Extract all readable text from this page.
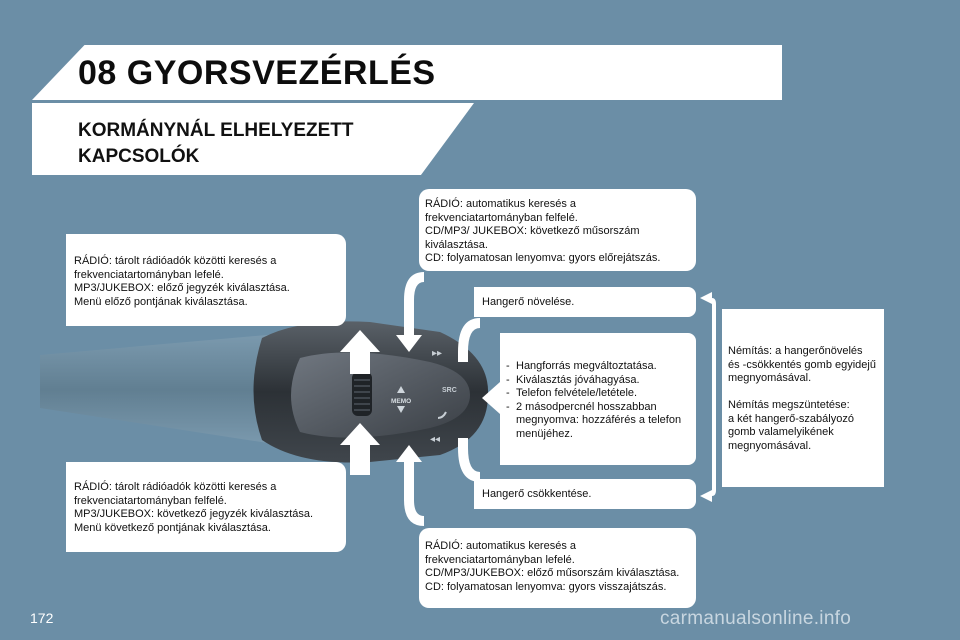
08 GYORSVEZÉRLÉS
KORMÁNYNÁL ELHELYEZETT
KAPCSOLÓK
MEMO
SRC
▸▸
◂◂

RÁDIÓ: tárolt rádióadók közötti keresés a

frekvenciatartományban lefelé.

MP3/JUKEBOX: előző jegyzék kiválasztása.

Menü előző pontjának kiválasztása.

RÁDIÓ: tárolt rádióadók közötti keresés a

frekvenciatartományban felfelé.

MP3/JUKEBOX: következő jegyzék kiválasztása.

Menü következő pontjának kiválasztása.

RÁDIÓ: automatikus keresés a

frekvenciatartományban felfelé.

CD/MP3/ JUKEBOX: következő műsorszám

kiválasztása.

CD: folyamatosan lenyomva: gyors előrejátszás.

Hangerő növelése.

- Hangforrás megváltoztatása.
- Kiválasztás jóváhagyása.
- Telefon felvétele/letétele.
- 2 másodpercnél hosszabban megnyomva: hozzáférés a telefon menüjéhez.

Hangerő csökkentése.

Némítás: a hangerőnövelés

és -csökkentés gomb egyidejű

megnyomásával.

Némítás megszüntetése:

a két hangerő-szabályozó

gomb valamelyikének

megnyomásával.

RÁDIÓ: automatikus keresés a

frekvenciatartományban lefelé.

CD/MP3/JUKEBOX: előző műsorszám kiválasztása.

CD: folyamatosan lenyomva: gyors visszajátszás.

172	carmanualsonline.info
